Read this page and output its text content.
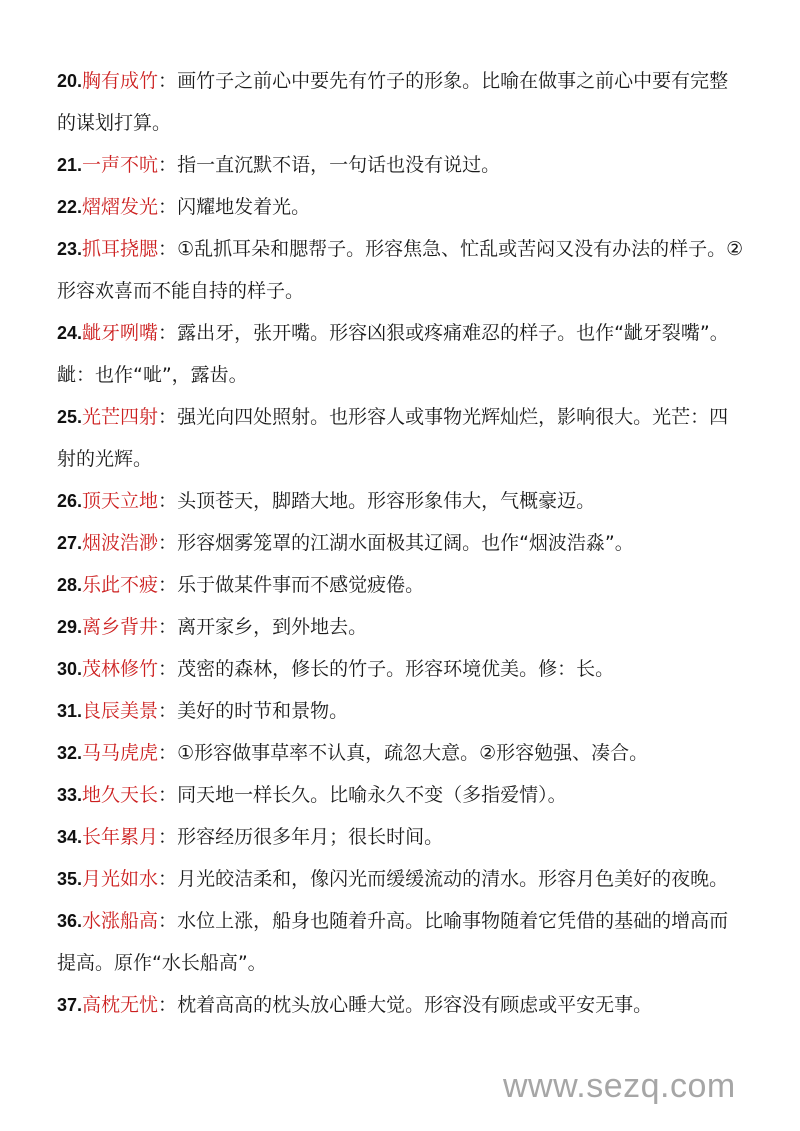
20.胸有成竹：画竹子之前心中要先有竹子的形象。比喻在做事之前心中要有完整的谋划打算。

21.一声不吭：指一直沉默不语，一句话也没有说过。

22.熠熠发光：闪耀地发着光。

23.抓耳挠腮：①乱抓耳朵和腮帮子。形容焦急、忙乱或苦闷又没有办法的样子。②形容欢喜而不能自持的样子。

24.龇牙咧嘴：露出牙，张开嘴。形容凶狠或疼痛难忍的样子。也作“龇牙裂嘴”。龇：也作“呲”，露齿。

25.光芒四射：强光向四处照射。也形容人或事物光辉灿烂，影响很大。光芒：四射的光辉。

26.顶天立地：头顶苍天，脚踏大地。形容形象伟大，气概豪迈。

27.烟波浩渺：形容烟雾笼罩的江湖水面极其辽阔。也作“烟波浩淼”。

28.乐此不疲：乐于做某件事而不感觉疲倦。

29.离乡背井：离开家乡，到外地去。

30.茂林修竹：茂密的森林，修长的竹子。形容环境优美。修：长。

31.良辰美景：美好的时节和景物。

32.马马虎虎：①形容做事草率不认真，疏忽大意。②形容勉强、凑合。

33.地久天长：同天地一样长久。比喻永久不变（多指爱情）。

34.长年累月：形容经历很多年月；很长时间。

35.月光如水：月光皎洁柔和，像闪光而缓缓流动的清水。形容月色美好的夜晚。

36.水涨船高：水位上涨，船身也随着升高。比喻事物随着它凭借的基础的增高而提高。原作“水长船高”。

37.高枕无忧：枕着高高的枕头放心睡大觉。形容没有顾虑或平安无事。

www.sezq.com
